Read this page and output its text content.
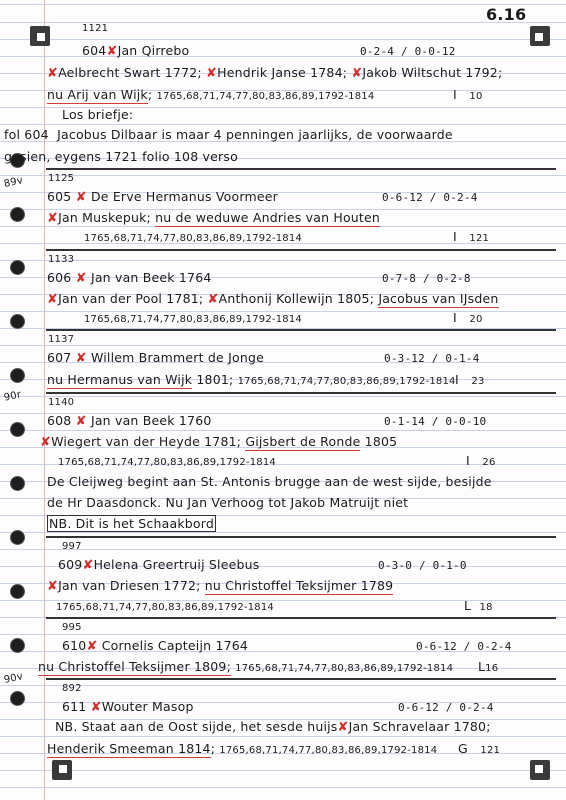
6.16
89v
90r
90v
1121
604✘Jan Qirrebo	0-2-4 / 0-0-12
✘Aelbrecht Swart 1772; ✘Hendrik Janse 1784; ✘Jakob Wiltschut 1792;
nu Arij van Wijk; 1765,68,71,74,77,80,83,86,89,1792-1814	I 10
Los briefje:
fol 604 Jacobus Dilbaar is maar 4 penningen jaarlijks, de voorwaarde
gesien, eygens 1721 folio 108 verso
1125
605 ✘ De Erve Hermanus Voormeer	0-6-12 / 0-2-4
✘Jan Muskepuk; nu de weduwe Andries van Houten
1765,68,71,74,77,80,83,86,89,1792-1814	I 121
1133
606 ✘ Jan van Beek 1764	0-7-8 / 0-2-8
✘Jan van der Pool 1781; ✘Anthonij Kollewijn 1805; Jacobus van IJsden
1765,68,71,74,77,80,83,86,89,1792-1814	I 20
1137
607 ✘ Willem Brammert de Jonge	0-3-12 / 0-1-4
nu Hermanus van Wijk 1801; 1765,68,71,74,77,80,83,86,89,1792-1814 I 23
1140
608 ✘ Jan van Beek 1760	0-1-14 / 0-0-10
✘Wiegert van der Heyde 1781; Gijsbert de Ronde 1805
1765,68,71,74,77,80,83,86,89,1792-1814	I 26
De Cleijweg begint aan St. Antonis brugge aan de west sijde, besijde
de Hr Daasdonck. Nu Jan Verhoog tot Jakob Matruijt niet
NB. Dit is het Schaakbord
997
609✘Helena Greertruij Sleebus	0-3-0 / 0-1-0
✘Jan van Driesen 1772; nu Christoffel Teksijmer 1789
1765,68,71,74,77,80,83,86,89,1792-1814	L 18
995
610✘ Cornelis Capteijn 1764	0-6-12 / 0-2-4
nu Christoffel Teksijmer 1809; 1765,68,71,74,77,80,83,86,89,1792-1814 L16
892
611 ✘Wouter Masop	0-6-12 / 0-2-4
NB. Staat aan de Oost sijde, het sesde huijs✘Jan Schravelaar 1780;
Henderik Smeeman 1814; 1765,68,71,74,77,80,83,86,89,1792-1814 G 121
